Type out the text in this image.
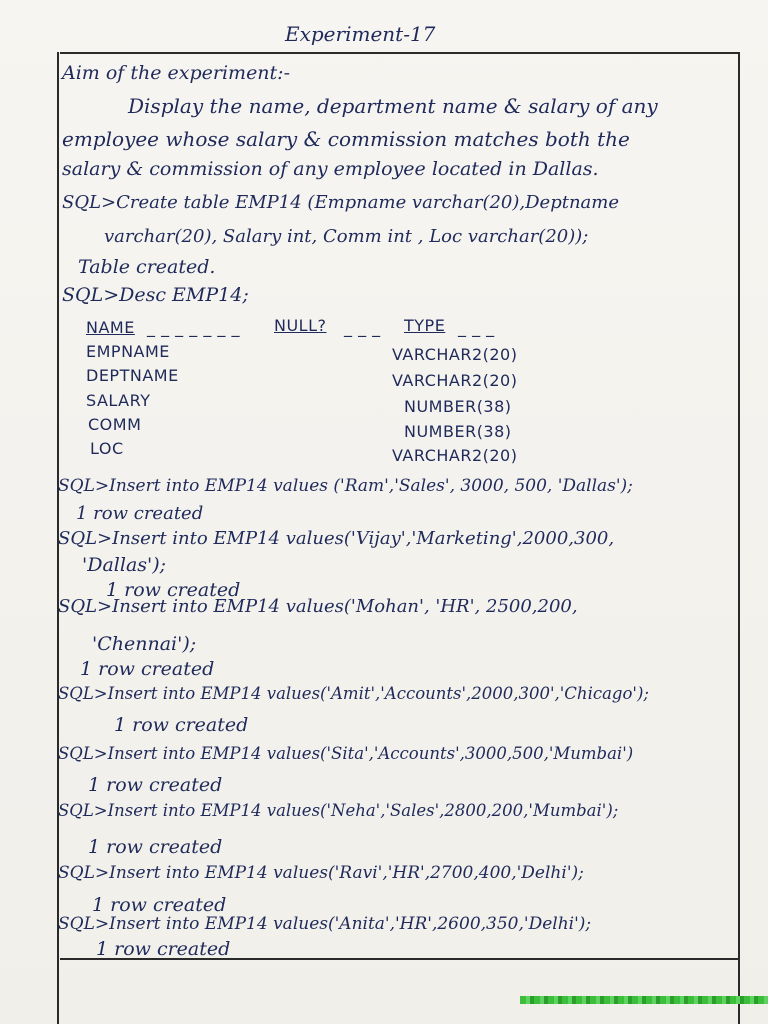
Experiment-17
Aim of the experiment:-
Display the name, department name & salary of any
employee whose salary & commission matches both the
salary & commission of any employee located in Dallas.
SQL>Create table EMP14 (Empname varchar(20),Deptname
varchar(20), Salary int, Comm int , Loc varchar(20));
Table created.
SQL>Desc EMP14;
NAME _ _ _ _ _ _ _ NULL? _ _ _ TYPE _ _ _
EMPNAME	VARCHAR2(20)
DEPTNAME	VARCHAR2(20)
SALARY	NUMBER(38)
COMM	NUMBER(38)
LOC	VARCHAR2(20)
SQL>Insert into EMP14 values ('Ram','Sales', 3000, 500, 'Dallas');
1 row created
SQL>Insert into EMP14 values('Vijay','Marketing',2000,300,
'Dallas');
1 row created
SQL>Insert into EMP14 values('Mohan', 'HR', 2500,200,
'Chennai');
1 row created
SQL>Insert into EMP14 values('Amit','Accounts',2000,300','Chicago');
1 row created
SQL>Insert into EMP14 values('Sita','Accounts',3000,500,'Mumbai')
1 row created
SQL>Insert into EMP14 values('Neha','Sales',2800,200,'Mumbai');
1 row created
SQL>Insert into EMP14 values('Ravi','HR',2700,400,'Delhi');
1 row created
SQL>Insert into EMP14 values('Anita','HR',2600,350,'Delhi');
1 row created
